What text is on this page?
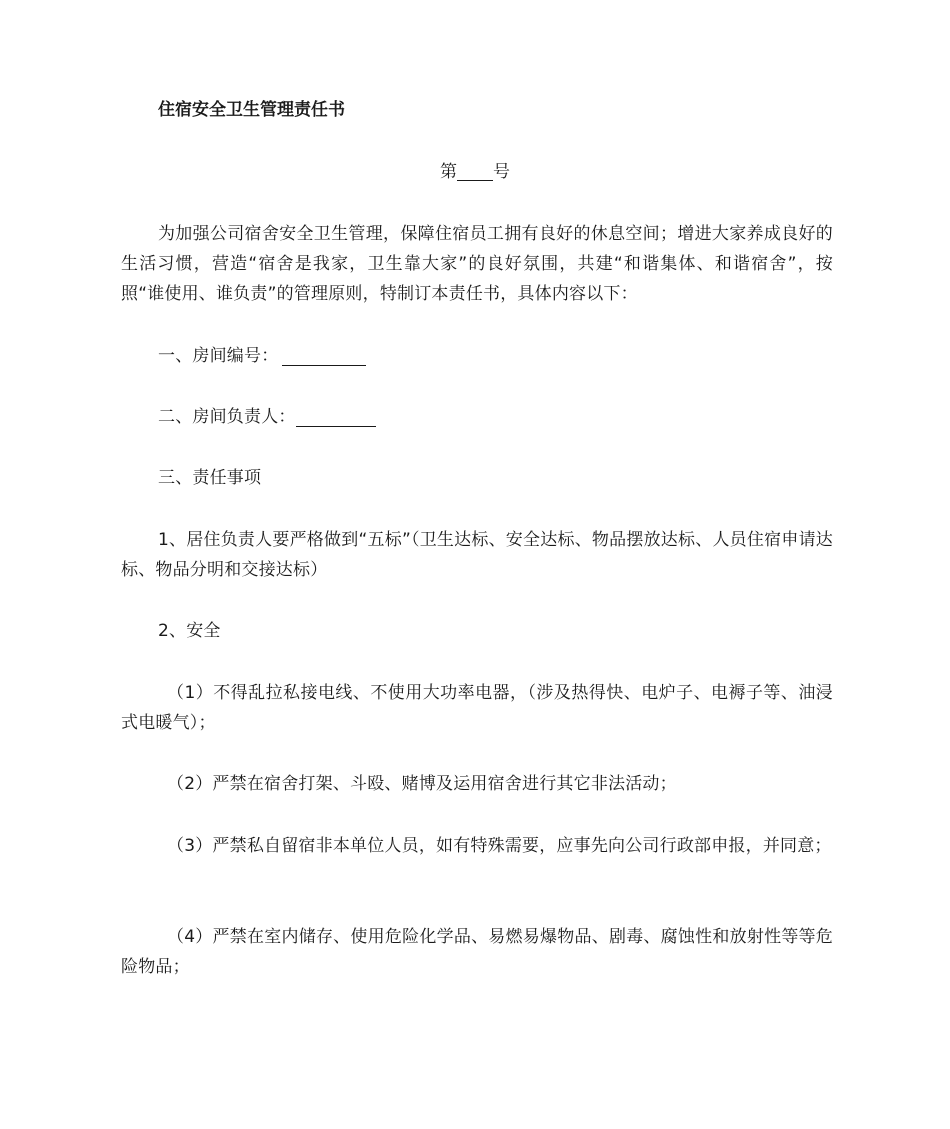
住宿安全卫生管理责任书
第 号
为加强公司宿舍安全卫生管理，保障住宿员工拥有良好的休息空间；增进大家养成良好的生活习惯，营造“宿舍是我家，卫生靠大家”的良好氛围，共建“和谐集体、和谐宿舍”，按照“谁使用、谁负责”的管理原则，特制订本责任书，具体内容以下：
一、房间编号：
二、房间负责人：
三、责任事项
1、居住负责人要严格做到“五标”（卫生达标、安全达标、物品摆放达标、人员住宿申请达标、物品分明和交接达标）
2、安全
（1）不得乱拉私接电线、不使用大功率电器，（涉及热得快、电炉子、电褥子等、油浸式电暖气）；
（2）严禁在宿舍打架、斗殴、赌博及运用宿舍进行其它非法活动；
（3）严禁私自留宿非本单位人员，如有特殊需要，应事先向公司行政部申报，并同意；
（4）严禁在室内储存、使用危险化学品、易燃易爆物品、剧毒、腐蚀性和放射性等等危险物品；
